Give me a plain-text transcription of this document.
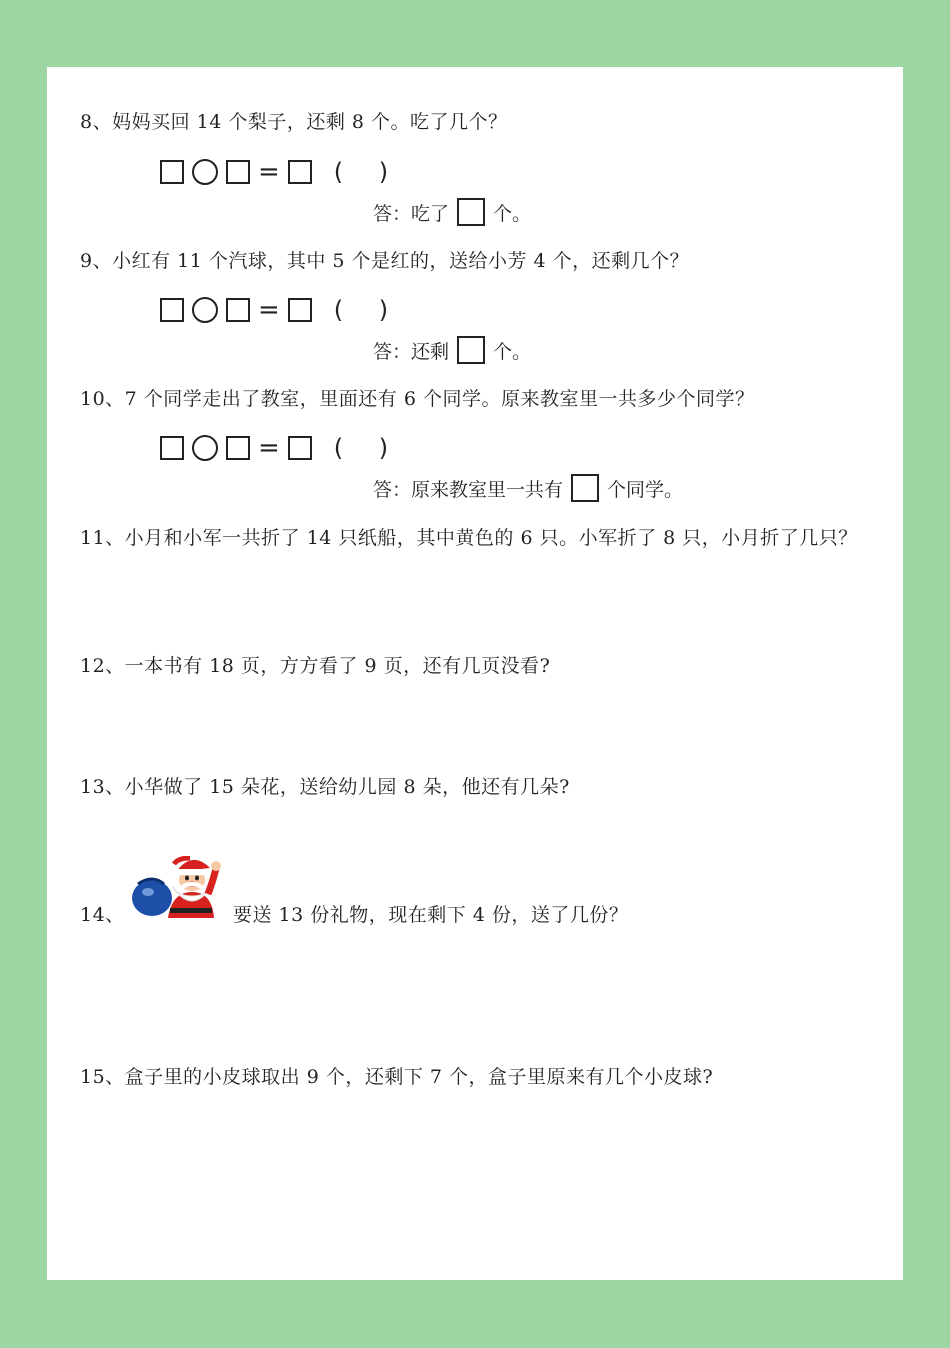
8、妈妈买回 14 个梨子，还剩 8 个。吃了几个？
= ( )
答：吃了 个。
9、小红有 11 个汽球，其中 5 个是红的，送给小芳 4 个，还剩几个？
= ( )
答：还剩 个。
10、7 个同学走出了教室，里面还有 6 个同学。原来教室里一共多少个同学？
= ( )
答：原来教室里一共有 个同学。
11、小月和小军一共折了 14 只纸船，其中黄色的 6 只。小军折了 8 只，小月折了几只？
12、一本书有 18 页，方方看了 9 页，还有几页没看?
13、小华做了 15 朵花，送给幼儿园 8 朵，他还有几朵?
14、	要送 13 份礼物，现在剩下 4 份，送了几份？
15、盒子里的小皮球取出 9 个，还剩下 7 个，盒子里原来有几个小皮球?
